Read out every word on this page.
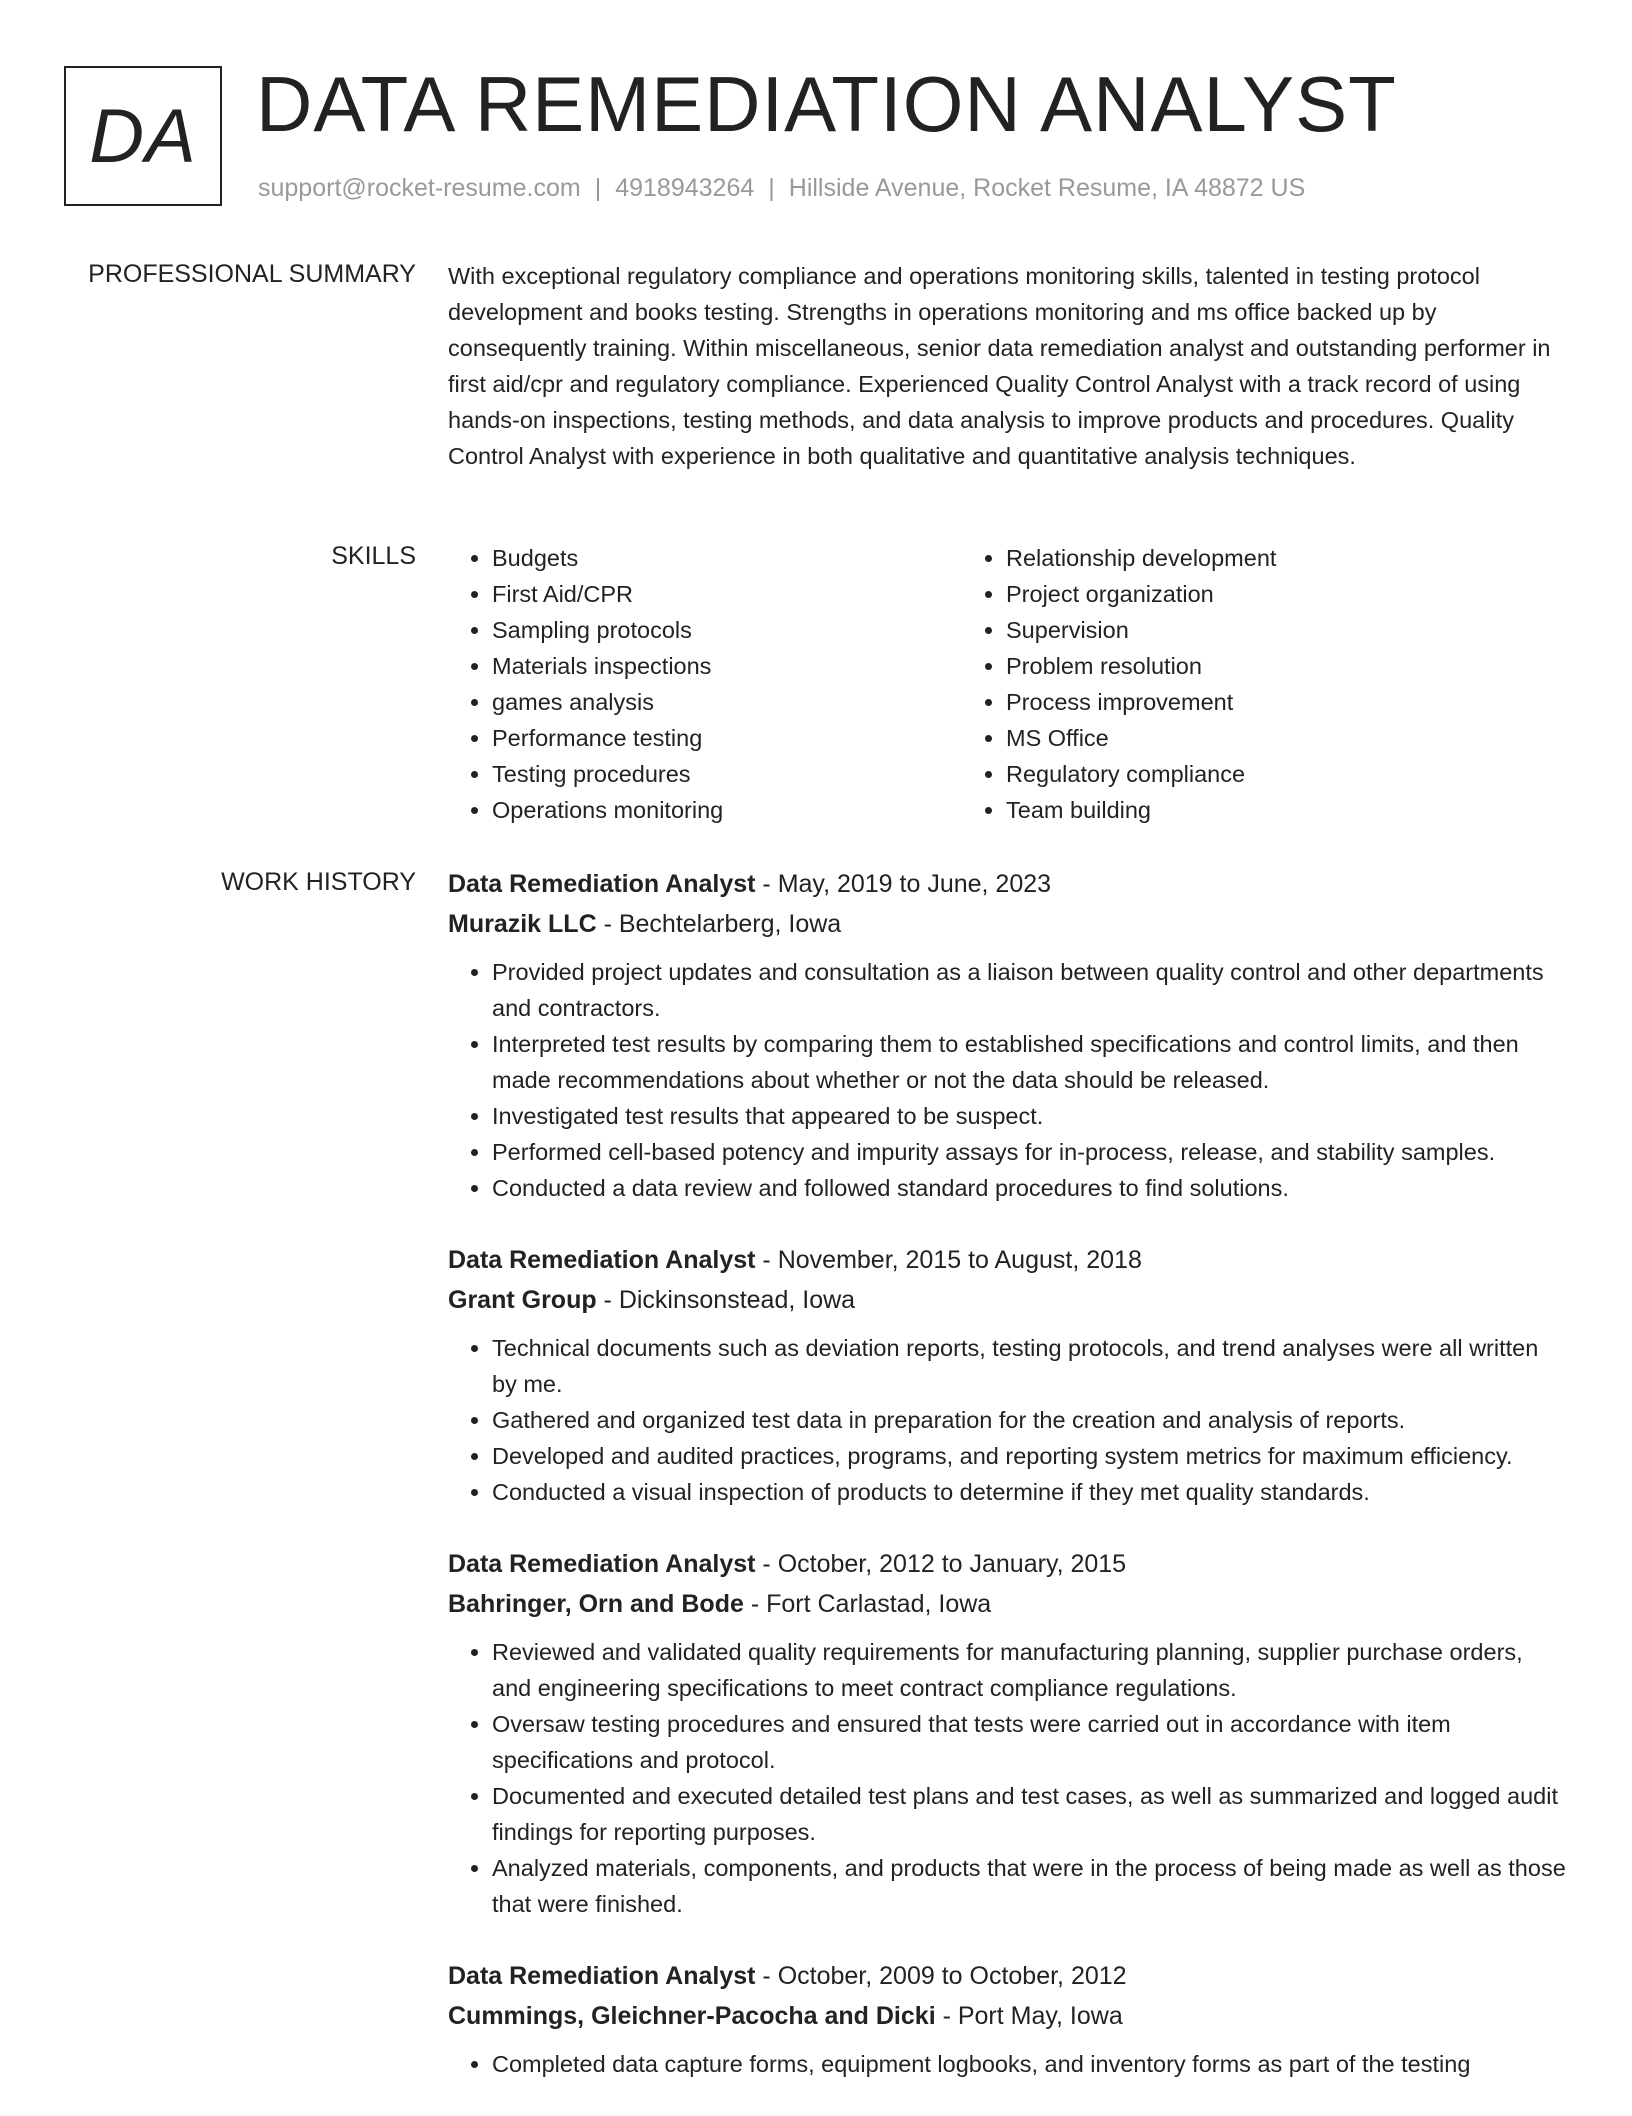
DA DATA REMEDIATION ANALYST
support@rocket-resume.com | 4918943264 | Hillside Avenue, Rocket Resume, IA 48872 US
PROFESSIONAL SUMMARY With exceptional regulatory compliance and operations monitoring skills, talented in testing protocol development and books testing. Strengths in operations monitoring and ms office backed up by consequently training. Within miscellaneous, senior data remediation analyst and outstanding performer in first aid/cpr and regulatory compliance. Experienced Quality Control Analyst with a track record of using hands-on inspections, testing methods, and data analysis to improve products and procedures. Quality Control Analyst with experience in both qualitative and quantitative analysis techniques.
SKILLS
•	Budgets
• First Aid/CPR
• Sampling protocols
• Materials inspections
• games analysis
• Performance testing
• Testing procedures
• Operations monitoring
• Relationship development
• Project organization
• Supervision
• Problem resolution
• Process improvement
• MS Office
• Regulatory compliance
• Team building
WORK HISTORY Data Remediation Analyst - May, 2019 to June, 2023
Murazik LLC - Bechtelarberg, Iowa
• Provided project updates and consultation as a liaison between quality control and other departments and contractors.
• Interpreted test results by comparing them to established specifications and control limits, and then made recommendations about whether or not the data should be released.
• Investigated test results that appeared to be suspect.
• Performed cell-based potency and impurity assays for in-process, release, and stability samples.
• Conducted a data review and followed standard procedures to find solutions.
Data Remediation Analyst - November, 2015 to August, 2018
Grant Group - Dickinsonstead, Iowa
• Technical documents such as deviation reports, testing protocols, and trend analyses were all written by me.
• Gathered and organized test data in preparation for the creation and analysis of reports.
• Developed and audited practices, programs, and reporting system metrics for maximum efficiency.
• Conducted a visual inspection of products to determine if they met quality standards.
Data Remediation Analyst - October, 2012 to January, 2015
Bahringer, Orn and Bode - Fort Carlastad, Iowa
• Reviewed and validated quality requirements for manufacturing planning, supplier purchase orders, and engineering specifications to meet contract compliance regulations.
• Oversaw testing procedures and ensured that tests were carried out in accordance with item specifications and protocol.
• Documented and executed detailed test plans and test cases, as well as summarized and logged audit findings for reporting purposes.
• Analyzed materials, components, and products that were in the process of being made as well as those that were finished.
Data Remediation Analyst - October, 2009 to October, 2012
Cummings, Gleichner-Pacocha and Dicki - Port May, Iowa
• Completed data capture forms, equipment logbooks, and inventory forms as part of the testing
